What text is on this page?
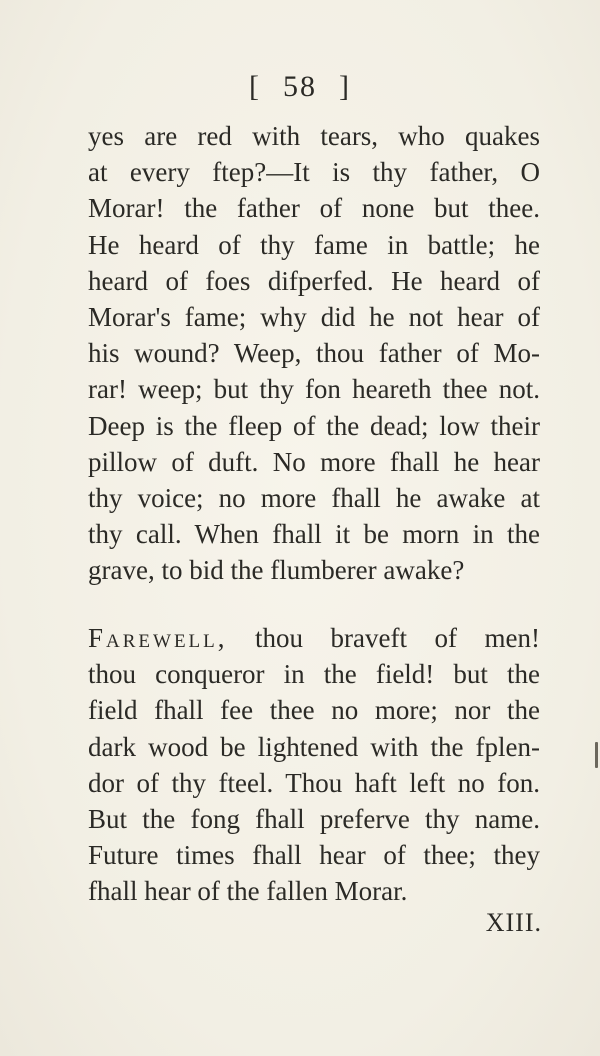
[ 58 ]
yes are red with tears, who quakes
at every ftep?—It is thy father, O
Morar! the father of none but thee.
He heard of thy fame in battle; he
heard of foes difperfed. He heard of
Morar's fame; why did he not hear of
his wound? Weep, thou father of Mo-
rar! weep; but thy fon heareth thee not.
Deep is the fleep of the dead; low their
pillow of duft. No more fhall he hear
thy voice; no more fhall he awake at
thy call. When fhall it be morn in the
grave, to bid the flumberer awake?
Farewell, thou braveft of men!
thou conqueror in the field! but the
field fhall fee thee no more; nor the
dark wood be lightened with the fplen-
dor of thy fteel. Thou haft left no fon.
But the fong fhall preferve thy name.
Future times fhall hear of thee; they
fhall hear of the fallen Morar.
XIII.
